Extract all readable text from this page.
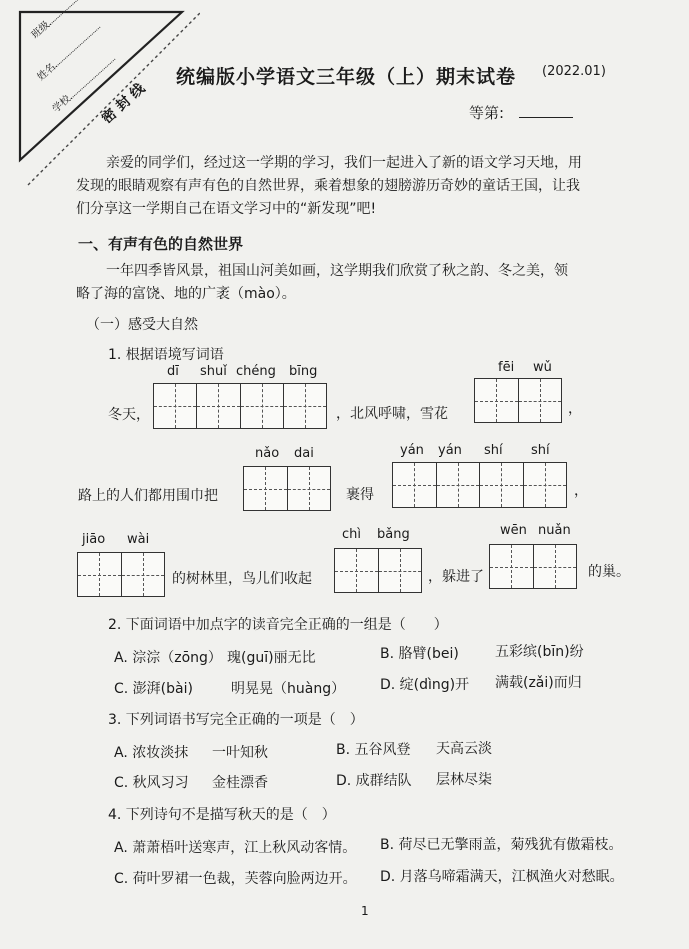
班级
姓名
学校	密 封 线
统编版小学语文三年级（上）期末试卷 (2022.01)
等第:
亲爱的同学们，经过这一学期的学习，我们一起进入了新的语文学习天地，用
发现的眼睛观察有声有色的自然世界，乘着想象的翅膀游历奇妙的童话王国，让我
们分享这一学期自己在语文学习中的“新发现”吧!
一、有声有色的自然世界
一年四季皆风景，祖国山河美如画，这学期我们欣赏了秋之韵、冬之美，领
略了海的富饶、地的广袤（mào）。
（一）感受大自然
1. 根据语境写词语
dī shuǐ chéng bīng
冬天，	，北风呼啸，雪花
fēi wǔ
，
nǎo dai
路上的人们都用围巾把	裹得
yán yán shí shí
，
jiāo wài
的树林里，鸟儿们收起
chì bǎng
，躲进了
wēn nuǎn
的巢。
2. 下面词语中加点字的读音完全正确的一组是（　　）
A. 淙淙（zōng） 瑰(guī)丽无比	B. 胳臂(bei)	五彩缤(bīn)纷
C. 澎湃(bài)	明晃晃（huàng） D. 绽(dìng)开 满载(zǎi)而归
3. 下列词语书写完全正确的一项是（　）
A. 浓妆淡抹 一叶知秋	B. 五谷风登 天高云淡
C. 秋风习习 金桂漂香	D. 成群结队 层林尽柒
4. 下列诗句不是描写秋天的是（　）
A. 萧萧梧叶送寒声，江上秋风动客情。 B. 荷尽已无擎雨盖，菊残犹有傲霜枝。
C. 荷叶罗裙一色裁，芙蓉向脸两边开。 D. 月落乌啼霜满天，江枫渔火对愁眠。
1
